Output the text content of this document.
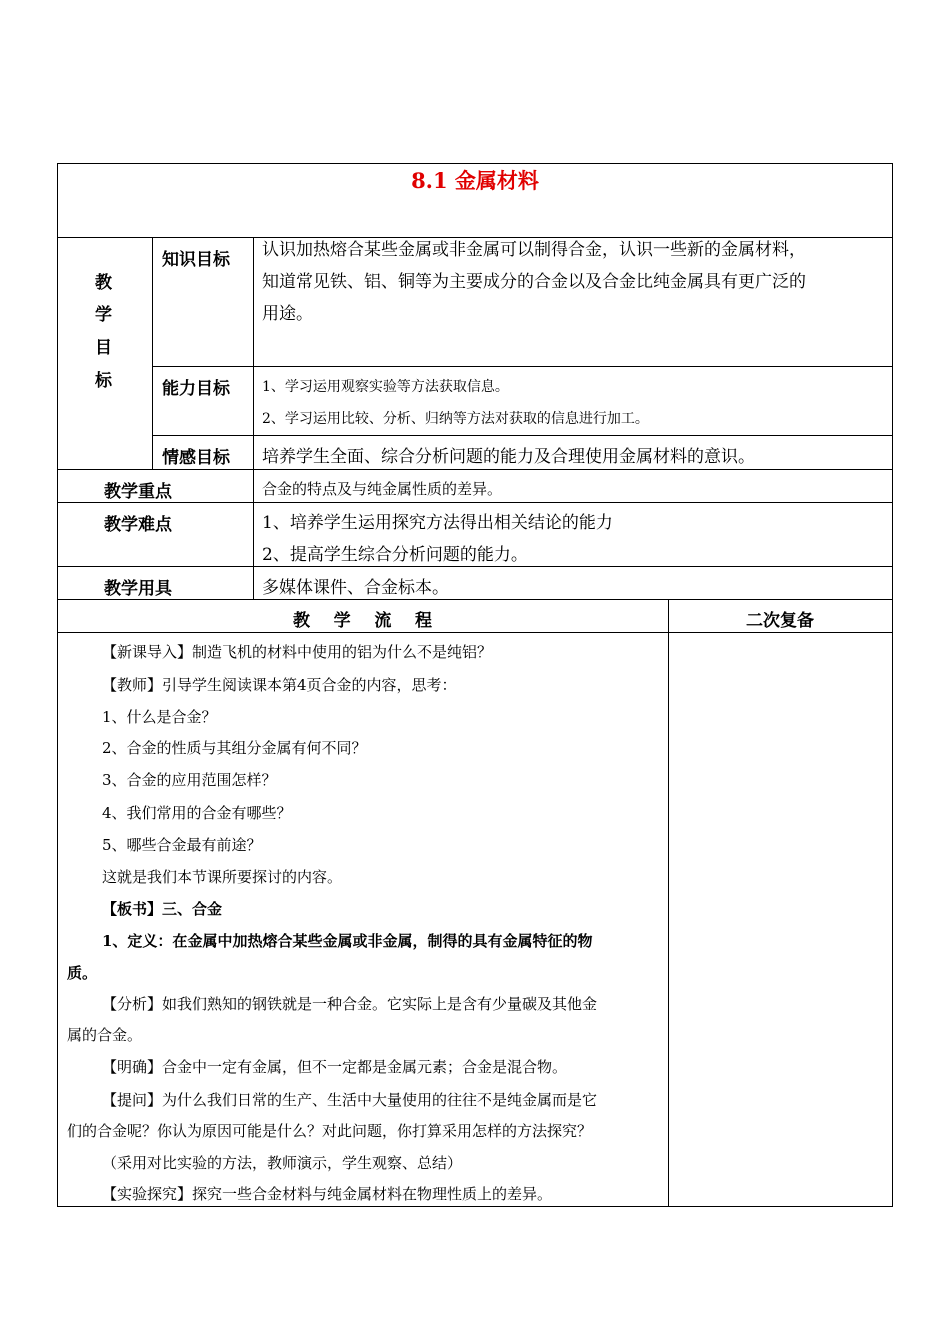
8.1 金属材料
教
学
目
标
知识目标 认识加热熔合某些金属或非金属可以制得合金，认识一些新的金属材料，
知道常见铁、铝、铜等为主要成分的合金以及合金比纯金属具有更广泛的
用途。
能力目标 1、学习运用观察实验等方法获取信息。
2、学习运用比较、分析、归纳等方法对获取的信息进行加工。
情感目标 培养学生全面、综合分析问题的能力及合理使用金属材料的意识。
教学重点	合金的特点及与纯金属性质的差异。
教学难点	1、培养学生运用探究方法得出相关结论的能力
2、提高学生综合分析问题的能力。
教学用具	多媒体课件、合金标本。
教    学    流    程	二次复备
【新课导入】制造飞机的材料中使用的铝为什么不是纯铝？
【教师】引导学生阅读课本第4页合金的内容，思考：
1、什么是合金？
2、合金的性质与其组分金属有何不同？
3、合金的应用范围怎样？
4、我们常用的合金有哪些？
5、哪些合金最有前途？
这就是我们本节课所要探讨的内容。
【板书】三、合金
1、定义：在金属中加热熔合某些金属或非金属，制得的具有金属特征的物
质。
【分析】如我们熟知的钢铁就是一种合金。它实际上是含有少量碳及其他金
属的合金。
【明确】合金中一定有金属，但不一定都是金属元素；合金是混合物。
【提问】为什么我们日常的生产、生活中大量使用的往往不是纯金属而是它
们的合金呢？你认为原因可能是什么？对此问题，你打算采用怎样的方法探究？
（采用对比实验的方法，教师演示，学生观察、总结）
【实验探究】探究一些合金材料与纯金属材料在物理性质上的差异。
